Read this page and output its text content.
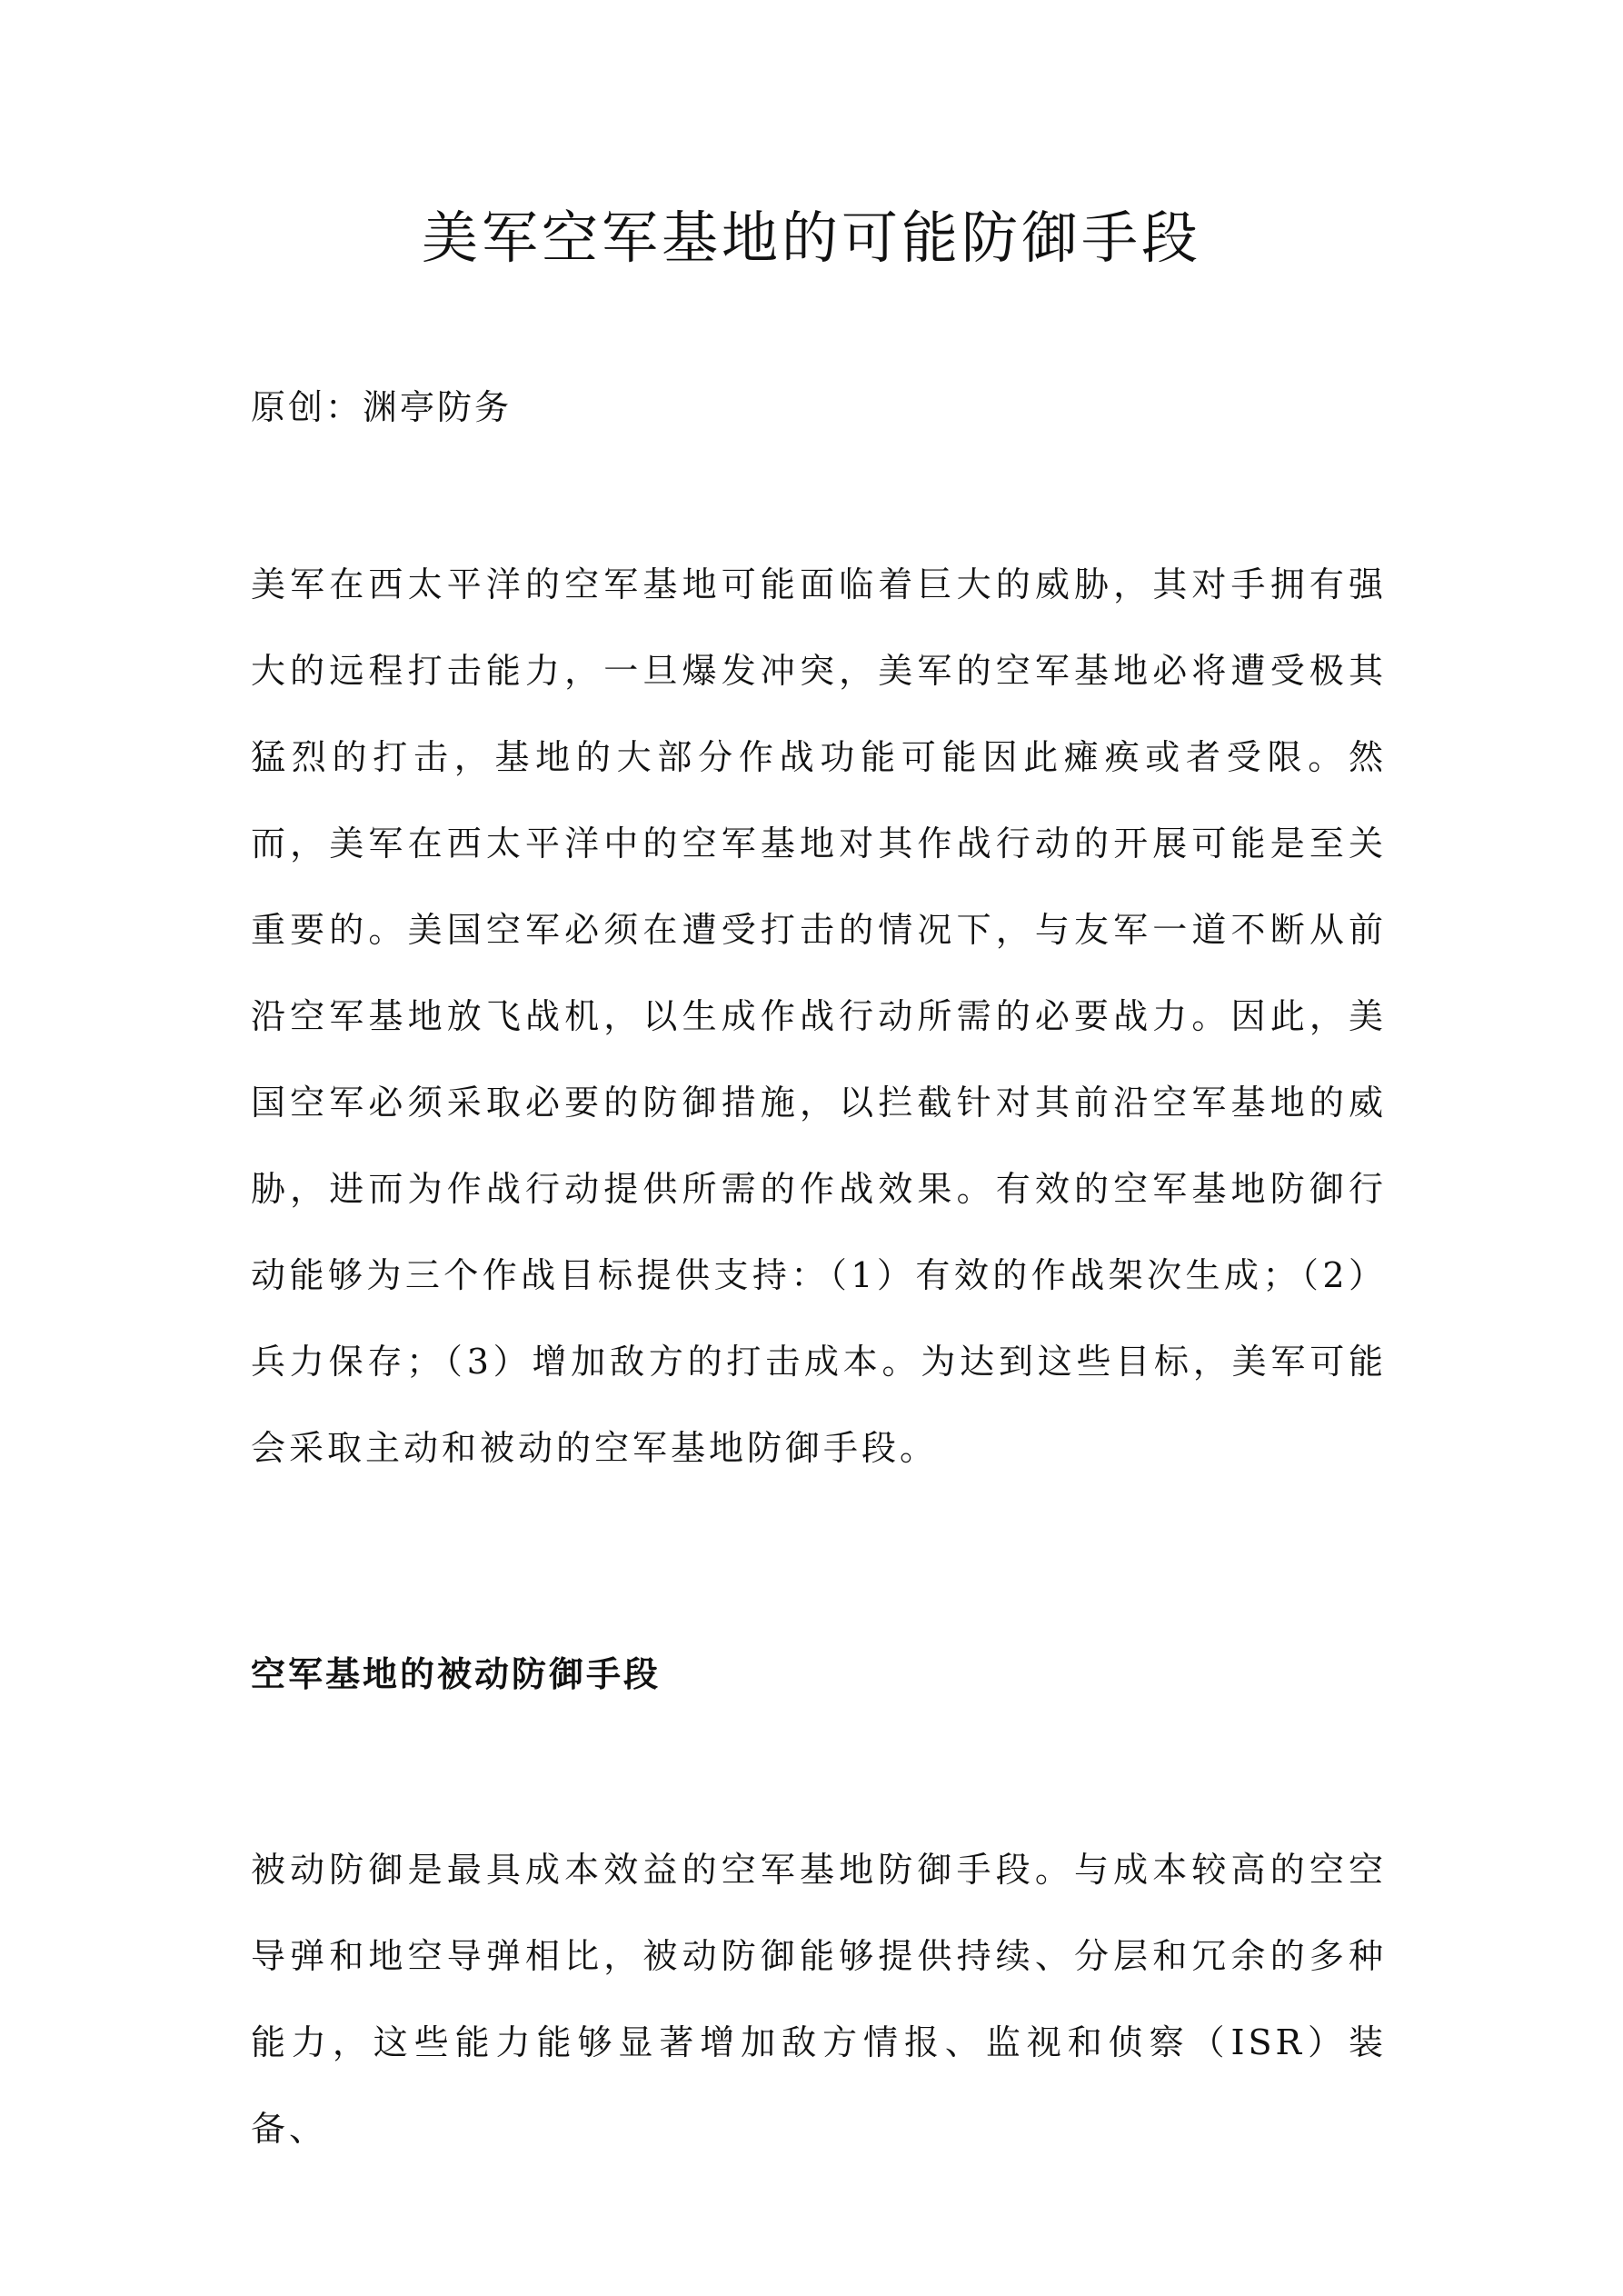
美军空军基地的可能防御手段

原创：渊亭防务

美军在西太平洋的空军基地可能面临着巨大的威胁，其对手拥有强大的远程打击能力，一旦爆发冲突，美军的空军基地必将遭受极其猛烈的打击，基地的大部分作战功能可能因此瘫痪或者受限。然而，美军在西太平洋中的空军基地对其作战行动的开展可能是至关重要的。美国空军必须在遭受打击的情况下，与友军一道不断从前沿空军基地放飞战机，以生成作战行动所需的必要战力。因此，美国空军必须采取必要的防御措施，以拦截针对其前沿空军基地的威胁，进而为作战行动提供所需的作战效果。有效的空军基地防御行动能够为三个作战目标提供支持：（1）有效的作战架次生成；（2）兵力保存；（3）增加敌方的打击成本。为达到这些目标，美军可能会采取主动和被动的空军基地防御手段。

空军基地的被动防御手段

被动防御是最具成本效益的空军基地防御手段。与成本较高的空空导弹和地空导弹相比，被动防御能够提供持续、分层和冗余的多种能力，这些能力能够显著增加敌方情报、监视和侦察（ISR）装备、
